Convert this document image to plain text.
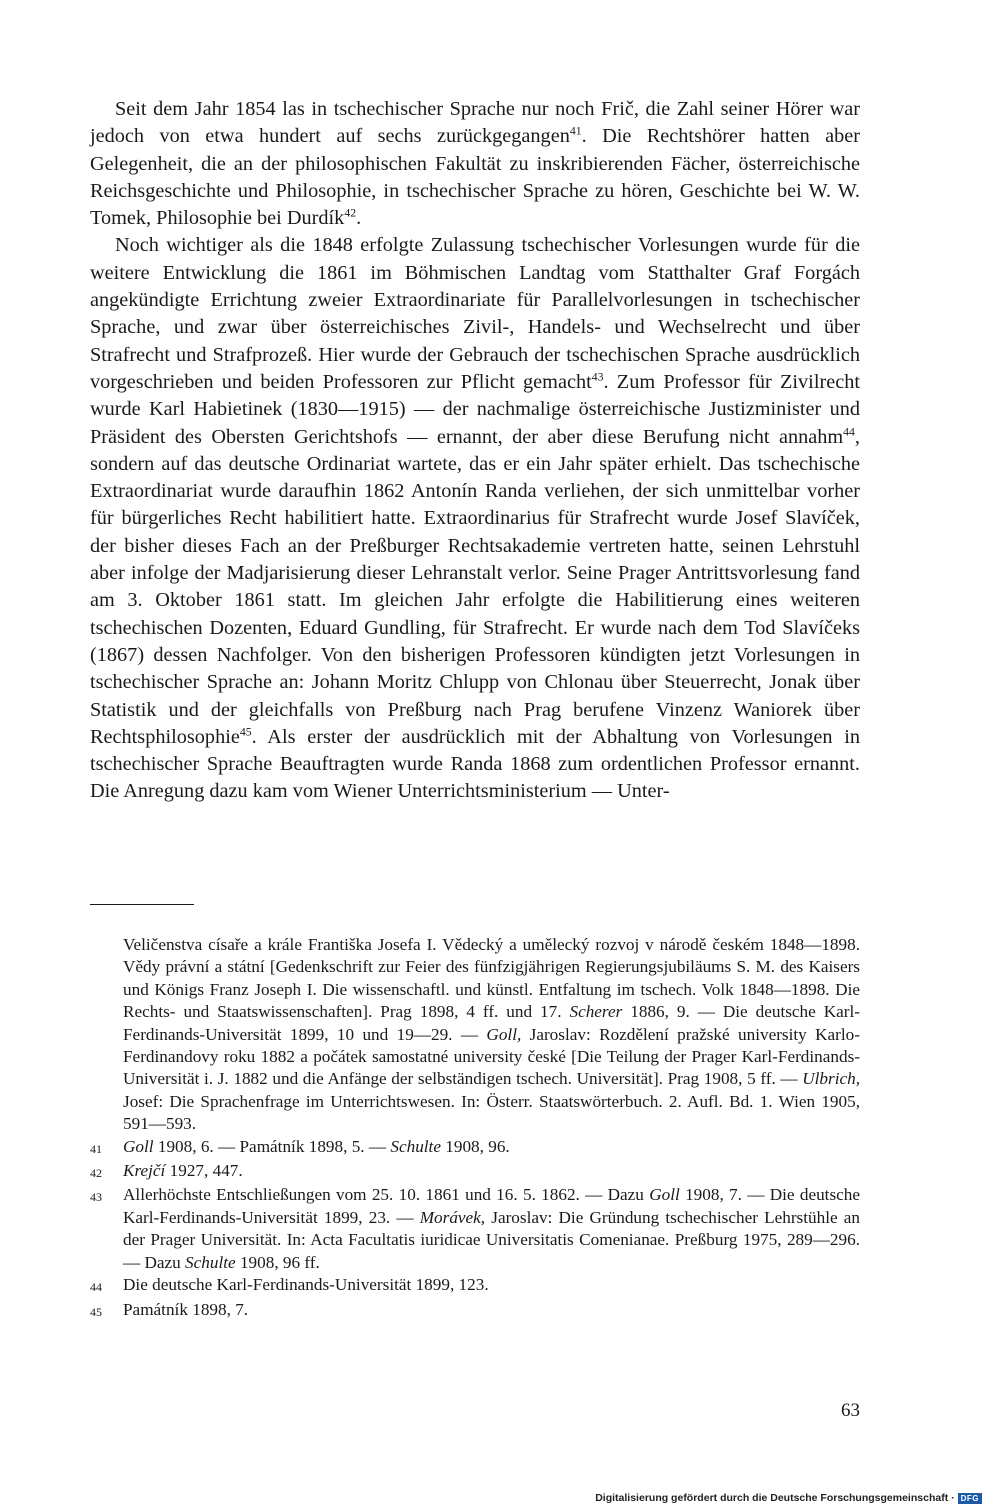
Seit dem Jahr 1854 las in tschechischer Sprache nur noch Frič, die Zahl seiner Hörer war jedoch von etwa hundert auf sechs zurückgegangen$^{41}$. Die Rechtshörer hatten aber Gelegenheit, die an der philosophischen Fakultät zu inskribierenden Fächer, österreichische Reichsgeschichte und Philosophie, in tschechischer Sprache zu hören, Geschichte bei W. W. Tomek, Philosophie bei Durdík$^{42}$.

Noch wichtiger als die 1848 erfolgte Zulassung tschechischer Vorlesungen wurde für die weitere Entwicklung die 1861 im Böhmischen Landtag vom Statthalter Graf Forgách angekündigte Errichtung zweier Extraordinariate für Parallelvorlesungen in tschechischer Sprache, und zwar über österreichisches Zivil-, Handels- und Wechselrecht und über Strafrecht und Strafprozeß. Hier wurde der Gebrauch der tschechischen Sprache ausdrücklich vorgeschrieben und beiden Professoren zur Pflicht gemacht$^{43}$. Zum Professor für Zivilrecht wurde Karl Habietinek (1830—1915) — der nachmalige österreichische Justizminister und Präsident des Obersten Gerichtshofs — ernannt, der aber diese Berufung nicht annahm$^{44}$, sondern auf das deutsche Ordinariat wartete, das er ein Jahr später erhielt. Das tschechische Extraordinariat wurde daraufhin 1862 Antonín Randa verliehen, der sich unmittelbar vorher für bürgerliches Recht habilitiert hatte. Extraordinarius für Strafrecht wurde Josef Slavíček, der bisher dieses Fach an der Preßburger Rechtsakademie vertreten hatte, seinen Lehrstuhl aber infolge der Madjarisierung dieser Lehranstalt verlor. Seine Prager Antrittsvorlesung fand am 3. Oktober 1861 statt. Im gleichen Jahr erfolgte die Habilitierung eines weiteren tschechischen Dozenten, Eduard Gundling, für Strafrecht. Er wurde nach dem Tod Slavíčeks (1867) dessen Nachfolger. Von den bisherigen Professoren kündigten jetzt Vorlesungen in tschechischer Sprache an: Johann Moritz Chlupp von Chlonau über Steuerrecht, Jonak über Statistik und der gleichfalls von Preßburg nach Prag berufene Vinzenz Waniorek über Rechtsphilosophie$^{45}$. Als erster der ausdrücklich mit der Abhaltung von Vorlesungen in tschechischer Sprache Beauftragten wurde Randa 1868 zum ordentlichen Professor ernannt. Die Anregung dazu kam vom Wiener Unterrichtsministerium — Unter-

Veličenstva císaře a krále Františka Josefa I. Vědecký a umělecký rozvoj v národě českém 1848—1898. Vědy právní a státní [Gedenkschrift zur Feier des fünfzigjährigen Regierungsjubiläums S. M. des Kaisers und Königs Franz Joseph I. Die wissenschaftl. und künstl. Entfaltung im tschech. Volk 1848—1898. Die Rechts- und Staatswissenschaften]. Prag 1898, 4 ff. und 17. Scherer 1886, 9. — Die deutsche Karl-Ferdinands-Universität 1899, 10 und 19—29. — Goll, Jaroslav: Rozdělení pražské university Karlo-Ferdinandovy roku 1882 a počátek samostatné university české [Die Teilung der Prager Karl-Ferdinands-Universität i. J. 1882 und die Anfänge der selbständigen tschech. Universität]. Prag 1908, 5 ff. — Ulbrich, Josef: Die Sprachenfrage im Unterrichtswesen. In: Österr. Staatswörterbuch. 2. Aufl. Bd. 1. Wien 1905, 591—593.
41	Goll 1908, 6. — Památník 1898, 5. — Schulte 1908, 96.
42	Krejčí 1927, 447.
43	Allerhöchste Entschließungen vom 25. 10. 1861 und 16. 5. 1862. — Dazu Goll 1908, 7. — Die deutsche Karl-Ferdinands-Universität 1899, 23. — Morávek, Jaroslav: Die Gründung tschechischer Lehrstühle an der Prager Universität. In: Acta Facultatis iuridicae Universitatis Comenianae. Preßburg 1975, 289—296. — Dazu Schulte 1908, 96 ff.
44	Die deutsche Karl-Ferdinands-Universität 1899, 123.
45	Památník 1898, 7.
63
Digitalisierung gefördert durch die Deutsche Forschungsgemeinschaft · DFG
